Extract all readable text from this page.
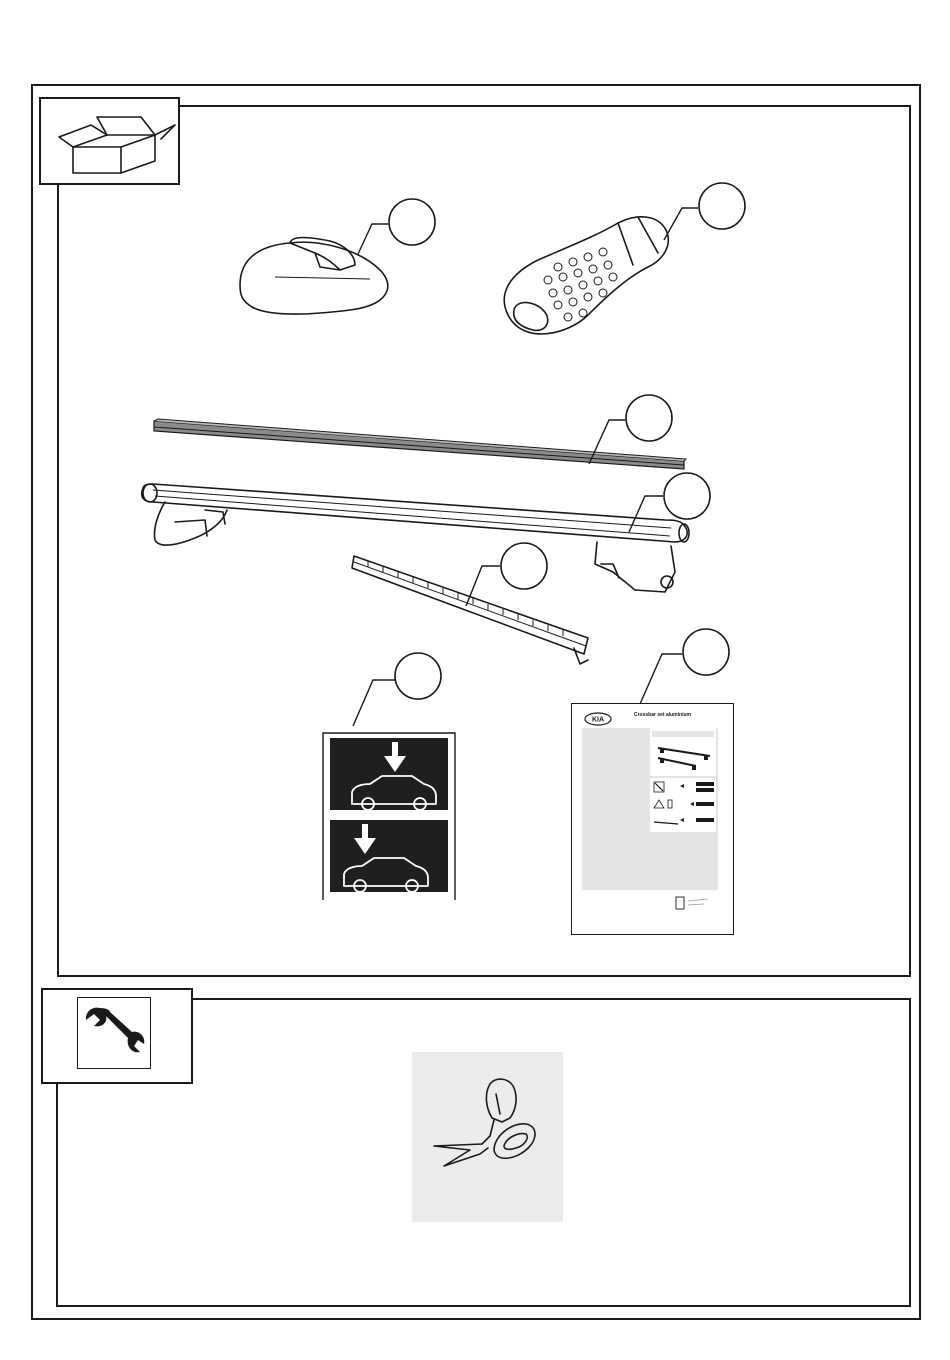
KIA
Crossbar set aluminium
